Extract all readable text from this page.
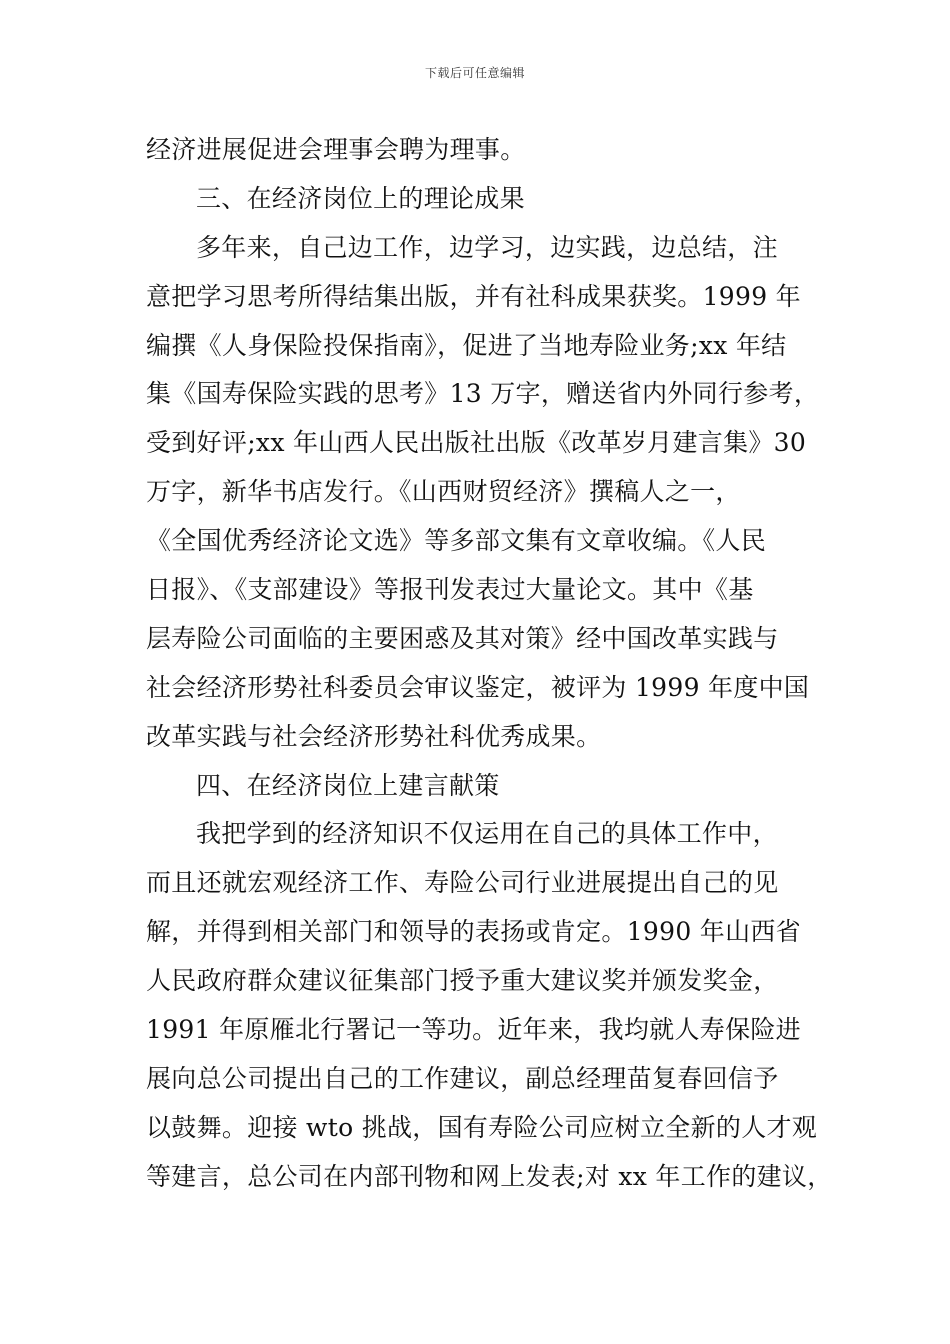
下载后可任意编辑
经济进展促进会理事会聘为理事。
三、在经济岗位上的理论成果
多年来，自己边工作，边学习，边实践，边总结，注
意把学习思考所得结集出版，并有社科成果获奖。1999 年
编撰《人身保险投保指南》，促进了当地寿险业务;xx 年结
集《国寿保险实践的思考》13 万字，赠送省内外同行参考，
受到好评;xx 年山西人民出版社出版《改革岁月建言集》30
万字，新华书店发行。《山西财贸经济》撰稿人之一，
《全国优秀经济论文选》等多部文集有文章收编。《人民
日报》、《支部建设》等报刊发表过大量论文。其中《基
层寿险公司面临的主要困惑及其对策》经中国改革实践与
社会经济形势社科委员会审议鉴定，被评为 1999 年度中国
改革实践与社会经济形势社科优秀成果。
四、在经济岗位上建言献策
我把学到的经济知识不仅运用在自己的具体工作中，
而且还就宏观经济工作、寿险公司行业进展提出自己的见
解，并得到相关部门和领导的表扬或肯定。1990 年山西省
人民政府群众建议征集部门授予重大建议奖并颁发奖金，
1991 年原雁北行署记一等功。近年来，我均就人寿保险进
展向总公司提出自己的工作建议，副总经理苗复春回信予
以鼓舞。迎接 wto 挑战，国有寿险公司应树立全新的人才观
等建言，总公司在内部刊物和网上发表;对 xx 年工作的建议，
